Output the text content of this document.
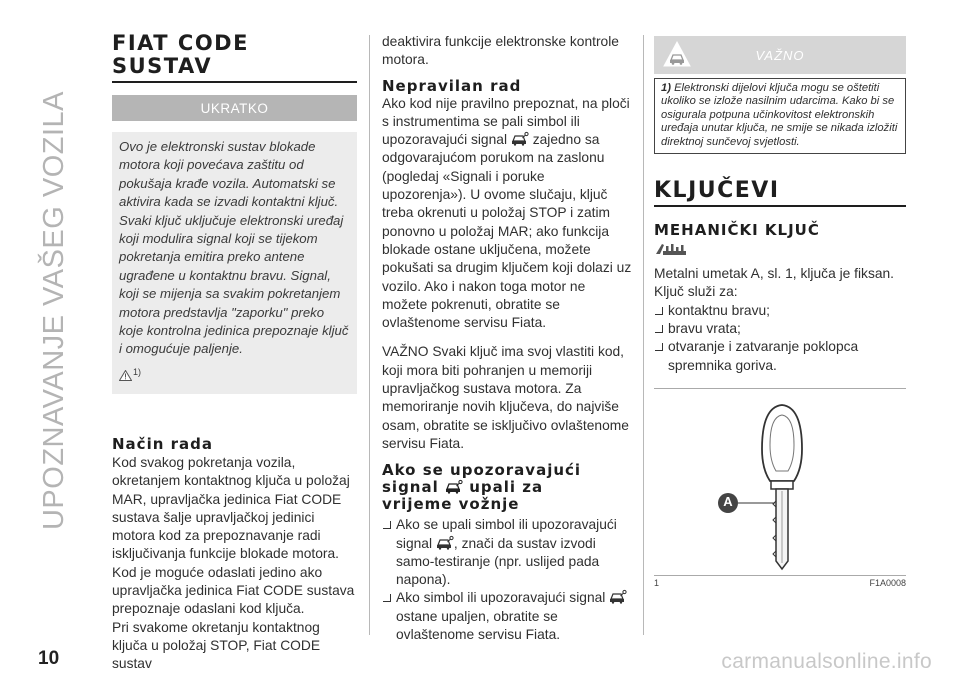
UPOZNAVANJE VAŠEG VOZILA
FIAT CODE
SUSTAV
UKRATKO
Ovo je elektronski sustav blokade motora koji povećava zaštitu od pokušaja krađe vozila. Automatski se aktivira kada se izvadi kontaktni ključ. Svaki ključ uključuje elektronski uređaj koji modulira signal koji se tijekom pokretanja emitira preko antene ugrađene u kontaktnu bravu. Signal, koji se mijenja sa svakim pokretanjem motora predstavlja "zaporku" preko koje kontrolna jedinica prepoznaje ključ i omogućuje paljenje.
1)
Način rada

Kod svakog pokretanja vozila, okretanjem kontaktnog ključa u položaj MAR, upravljačka jedinica Fiat CODE sustava šalje upravljačkoj jedinici motora kod za prepoznavanje radi isključivanja funkcije blokade motora.

Kod je moguće odaslati jedino ako upravljačka jedinica Fiat CODE sustava prepoznaje odaslani kod ključa.

Pri svakome okretanju kontaktnog ključa u položaj STOP, Fiat CODE sustav

deaktivira funkcije elektronske kontrole motora.
Nepravilan rad
Ako kod nije pravilno prepoznat, na ploči s instrumentima se pali simbol ili upozoravajući signal zajedno sa odgovarajućom porukom na zaslonu (pogledaj «Signali i poruke upozorenja»). U ovome slučaju, ključ treba okrenuti u položaj STOP i zatim ponovno u položaj MAR; ako funkcija blokade ostane uključena, možete pokušati sa drugim ključem koji dolazi uz vozilo. Ako i nakon toga motor ne možete pokrenuti, obratite se ovlaštenome servisu Fiata.
VAŽNO Svaki ključ ima svoj vlastiti kod, koji mora biti pohranjen u memoriji upravljačkog sustava motora. Za memoriranje novih ključeva, do najviše osam, obratite se isključivo ovlaštenome servisu Fiata.
Ako se upozoravajući
signal upali za
vrijeme vožnje
Ako se upali simbol ili upozoravajući signal , znači da sustav izvodi samo-testiranje (npr. uslijed pada napona).
Ako simbol ili upozoravajući signal  ostane upaljen, obratite se ovlaštenome servisu Fiata.
VAŽNO
1) Elektronski dijelovi ključa mogu se oštetiti ukoliko se izlože nasilnim udarcima. Kako bi se osigurala potpuna učinkovitost elektronskih uređaja unutar ključa, ne smije se nikada izložiti direktnoj sunčevoj svjetlosti.
KLJUČEVI
MEHANIČKI KLJUČ
Metalni umetak A, sl. 1, ključa je fiksan. Ključ služi za:
kontaktnu bravu;
bravu vrata;
otvaranje i zatvaranje poklopca spremnika goriva.
A
1	F1A0008
10	carmanualsonline.info
